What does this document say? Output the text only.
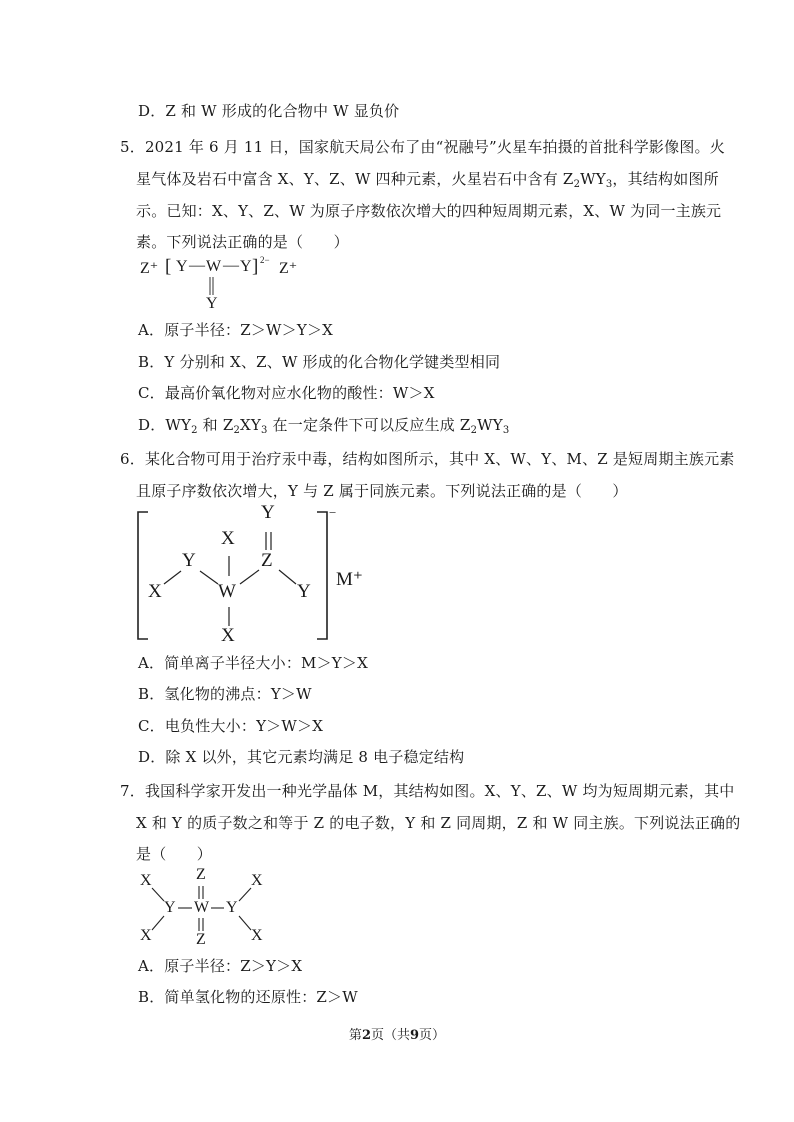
D．Z 和 W 形成的化合物中 W 显负价
5．2021 年 6 月 11 日，国家航天局公布了由“祝融号”火星车拍摄的首批科学影像图。火
星气体及岩石中富含 X、Y、Z、W 四种元素，火星岩石中含有 $Z_2WY_3$，其结构如图所
示。已知：X、Y、Z、W 为原子序数依次增大的四种短周期元素，X、W 为同一主族元
素。下列说法正确的是（　　）
Z⁺ [ Y — W — Y ] 2− Z⁺
Y
A．原子半径：Z＞W＞Y＞X
B．Y 分别和 X、Z、W 形成的化合物化学键类型相同
C．最高价氧化物对应水化物的酸性：W＞X
D．$WY_2$ 和 $Z_2XY_3$ 在一定条件下可以反应生成 $Z_2WY_3$
6．某化合物可用于治疗汞中毒，结构如图所示，其中 X、W、Y、M、Z 是短周期主族元素
且原子序数依次增大，Y 与 Z 属于同族元素。下列说法正确的是（　　）
X
Y
X
W
X
Y
Z
Y
−
M⁺
A．简单离子半径大小：M＞Y＞X
B．氢化物的沸点：Y＞W
C．电负性大小：Y＞W＞X
D．除 X 以外，其它元素均满足 8 电子稳定结构
7．我国科学家开发出一种光学晶体 M，其结构如图。X、Y、Z、W 均为短周期元素，其中
X 和 Y 的质子数之和等于 Z 的电子数，Y 和 Z 同周期，Z 和 W 同主族。下列说法正确的
是（　　）
X
X
Y
Z
W
Z
Y
X
X
A．原子半径：Z＞Y＞X
B．简单氢化物的还原性：Z＞W
第2页（共9页）
